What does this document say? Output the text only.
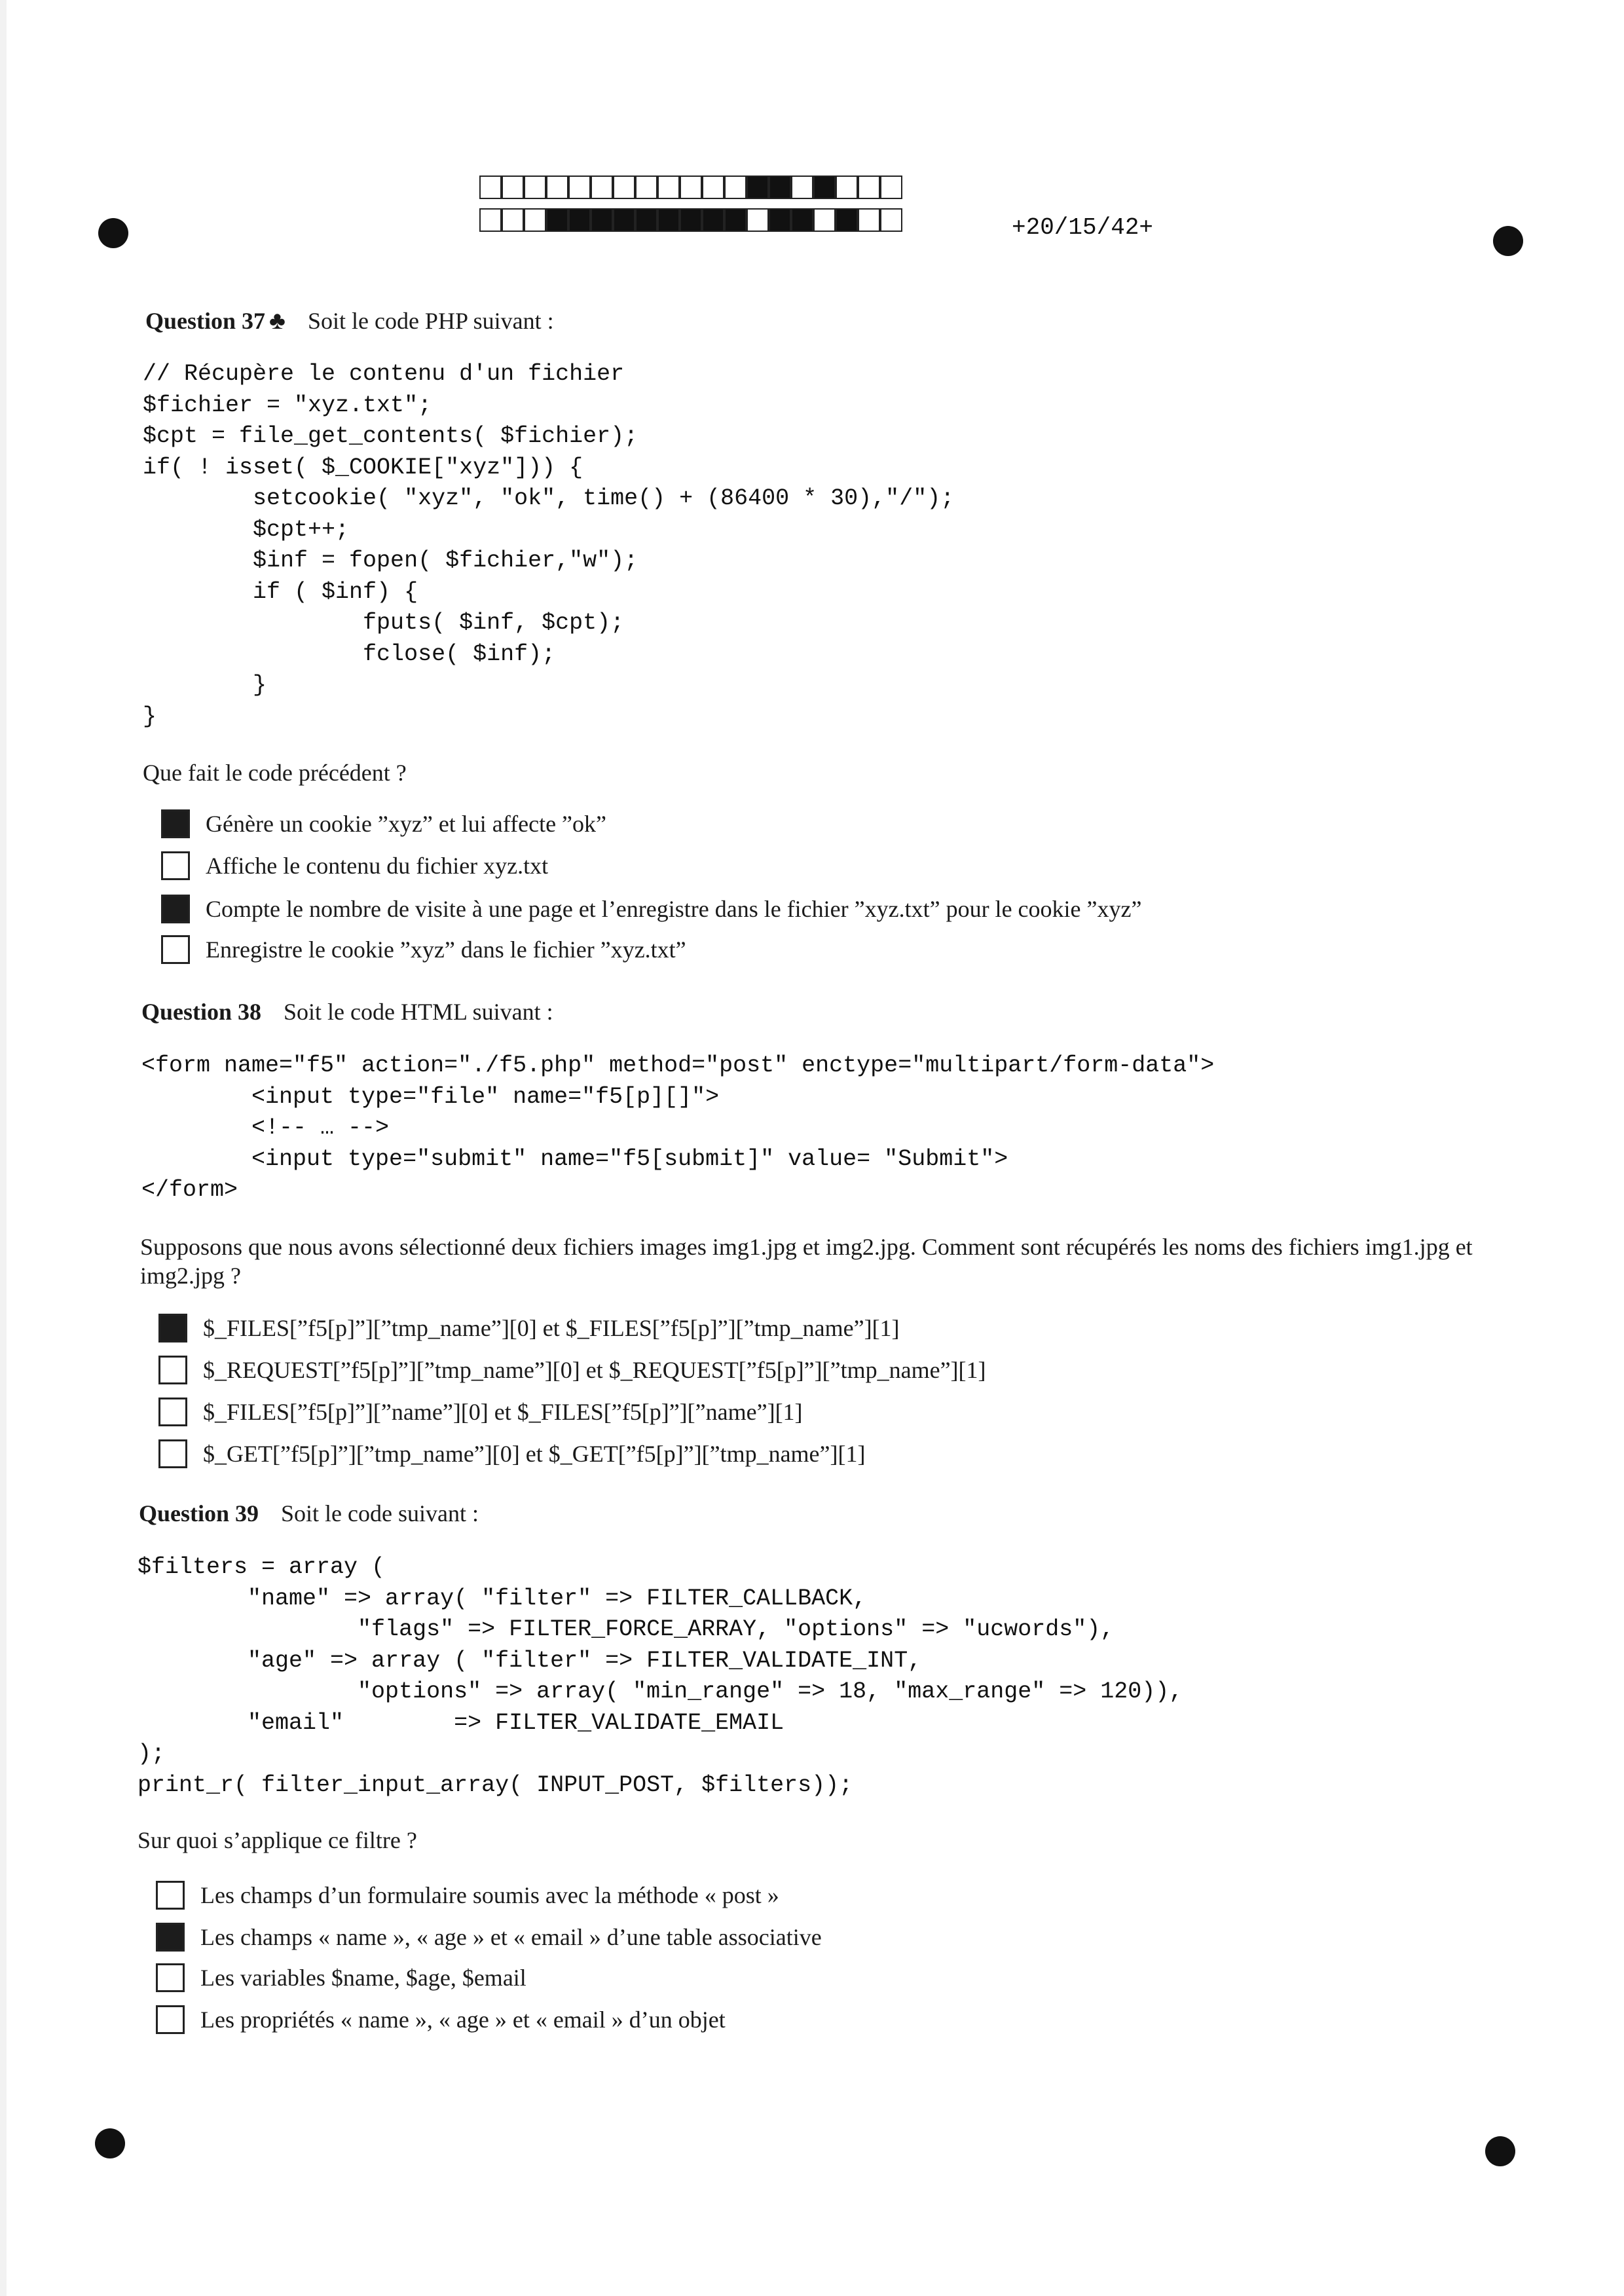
+20/15/42+
Question 37 ♣ Soit le code PHP suivant :
// Récupère le contenu d'un fichier
$fichier = "xyz.txt";
$cpt = file_get_contents( $fichier);
if( ! isset( $_COOKIE["xyz"])) {
setcookie( "xyz", "ok", time() + (86400 * 30),"/");
$cpt++;
$inf = fopen( $fichier,"w");
if ( $inf) {
fputs( $inf, $cpt);
fclose( $inf);
}
}
Que fait le code précédent ?
Génère un cookie ”xyz” et lui affecte ”ok”
Affiche le contenu du fichier xyz.txt
Compte le nombre de visite à une page et l’enregistre dans le fichier ”xyz.txt” pour le cookie ”xyz”
Enregistre le cookie ”xyz” dans le fichier ”xyz.txt”
Question 38 Soit le code HTML suivant :
<form name="f5" action="./f5.php" method="post" enctype="multipart/form-data">
<input type="file" name="f5[p][]">
<!-- … -->
<input type="submit" name="f5[submit]" value= "Submit">
</form>
Supposons que nous avons sélectionné deux fichiers images img1.jpg et img2.jpg. Comment sont récupérés les noms des fichiers img1.jpg et img2.jpg ?
$_FILES[”f5[p]”][”tmp_name”][0] et $_FILES[”f5[p]”][”tmp_name”][1]
$_REQUEST[”f5[p]”][”tmp_name”][0] et $_REQUEST[”f5[p]”][”tmp_name”][1]
$_FILES[”f5[p]”][”name”][0] et $_FILES[”f5[p]”][”name”][1]
$_GET[”f5[p]”][”tmp_name”][0] et $_GET[”f5[p]”][”tmp_name”][1]
Question 39 Soit le code suivant :
$filters = array (
"name" => array( "filter" => FILTER_CALLBACK,
"flags" => FILTER_FORCE_ARRAY, "options" => "ucwords"),
"age" => array ( "filter" => FILTER_VALIDATE_INT,
"options" => array( "min_range" => 18, "max_range" => 120)),
"email"        => FILTER_VALIDATE_EMAIL
);
print_r( filter_input_array( INPUT_POST, $filters));
Sur quoi s’applique ce filtre ?
Les champs d’un formulaire soumis avec la méthode « post »
Les champs « name », « age » et « email » d’une table associative
Les variables $name, $age, $email
Les propriétés « name », « age » et « email » d’un objet
